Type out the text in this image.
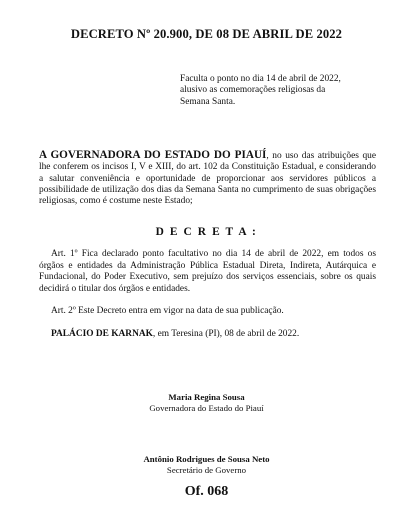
DECRETO Nº 20.900, DE 08 DE ABRIL DE 2022
Faculta o ponto no dia 14 de abril de 2022,
alusivo as comemorações religiosas da
Semana Santa.
A GOVERNADORA DO ESTADO DO PIAUÍ, no uso das atribuições que lhe conferem os incisos I, V e XIII, do art. 102 da Constituição Estadual, e considerando a salutar conveniência e oportunidade de proporcionar aos servidores públicos a possibilidade de utilização dos dias da Semana Santa no cumprimento de suas obrigações religiosas, como é costume neste Estado;
D E C R E T A :
Art. 1º Fica declarado ponto facultativo no dia 14 de abril de 2022, em todos os órgãos e entidades da Administração Pública Estadual Direta, Indireta, Autárquica e Fundacional, do Poder Executivo, sem prejuízo dos serviços essenciais, sobre os quais decidirá o titular dos órgãos e entidades.
Art. 2º Este Decreto entra em vigor na data de sua publicação.
PALÁCIO DE KARNAK, em Teresina (PI), 08 de abril de 2022.
Maria Regina Sousa
Governadora do Estado do Piauí
Antônio Rodrigues de Sousa Neto
Secretário de Governo
Of. 068
